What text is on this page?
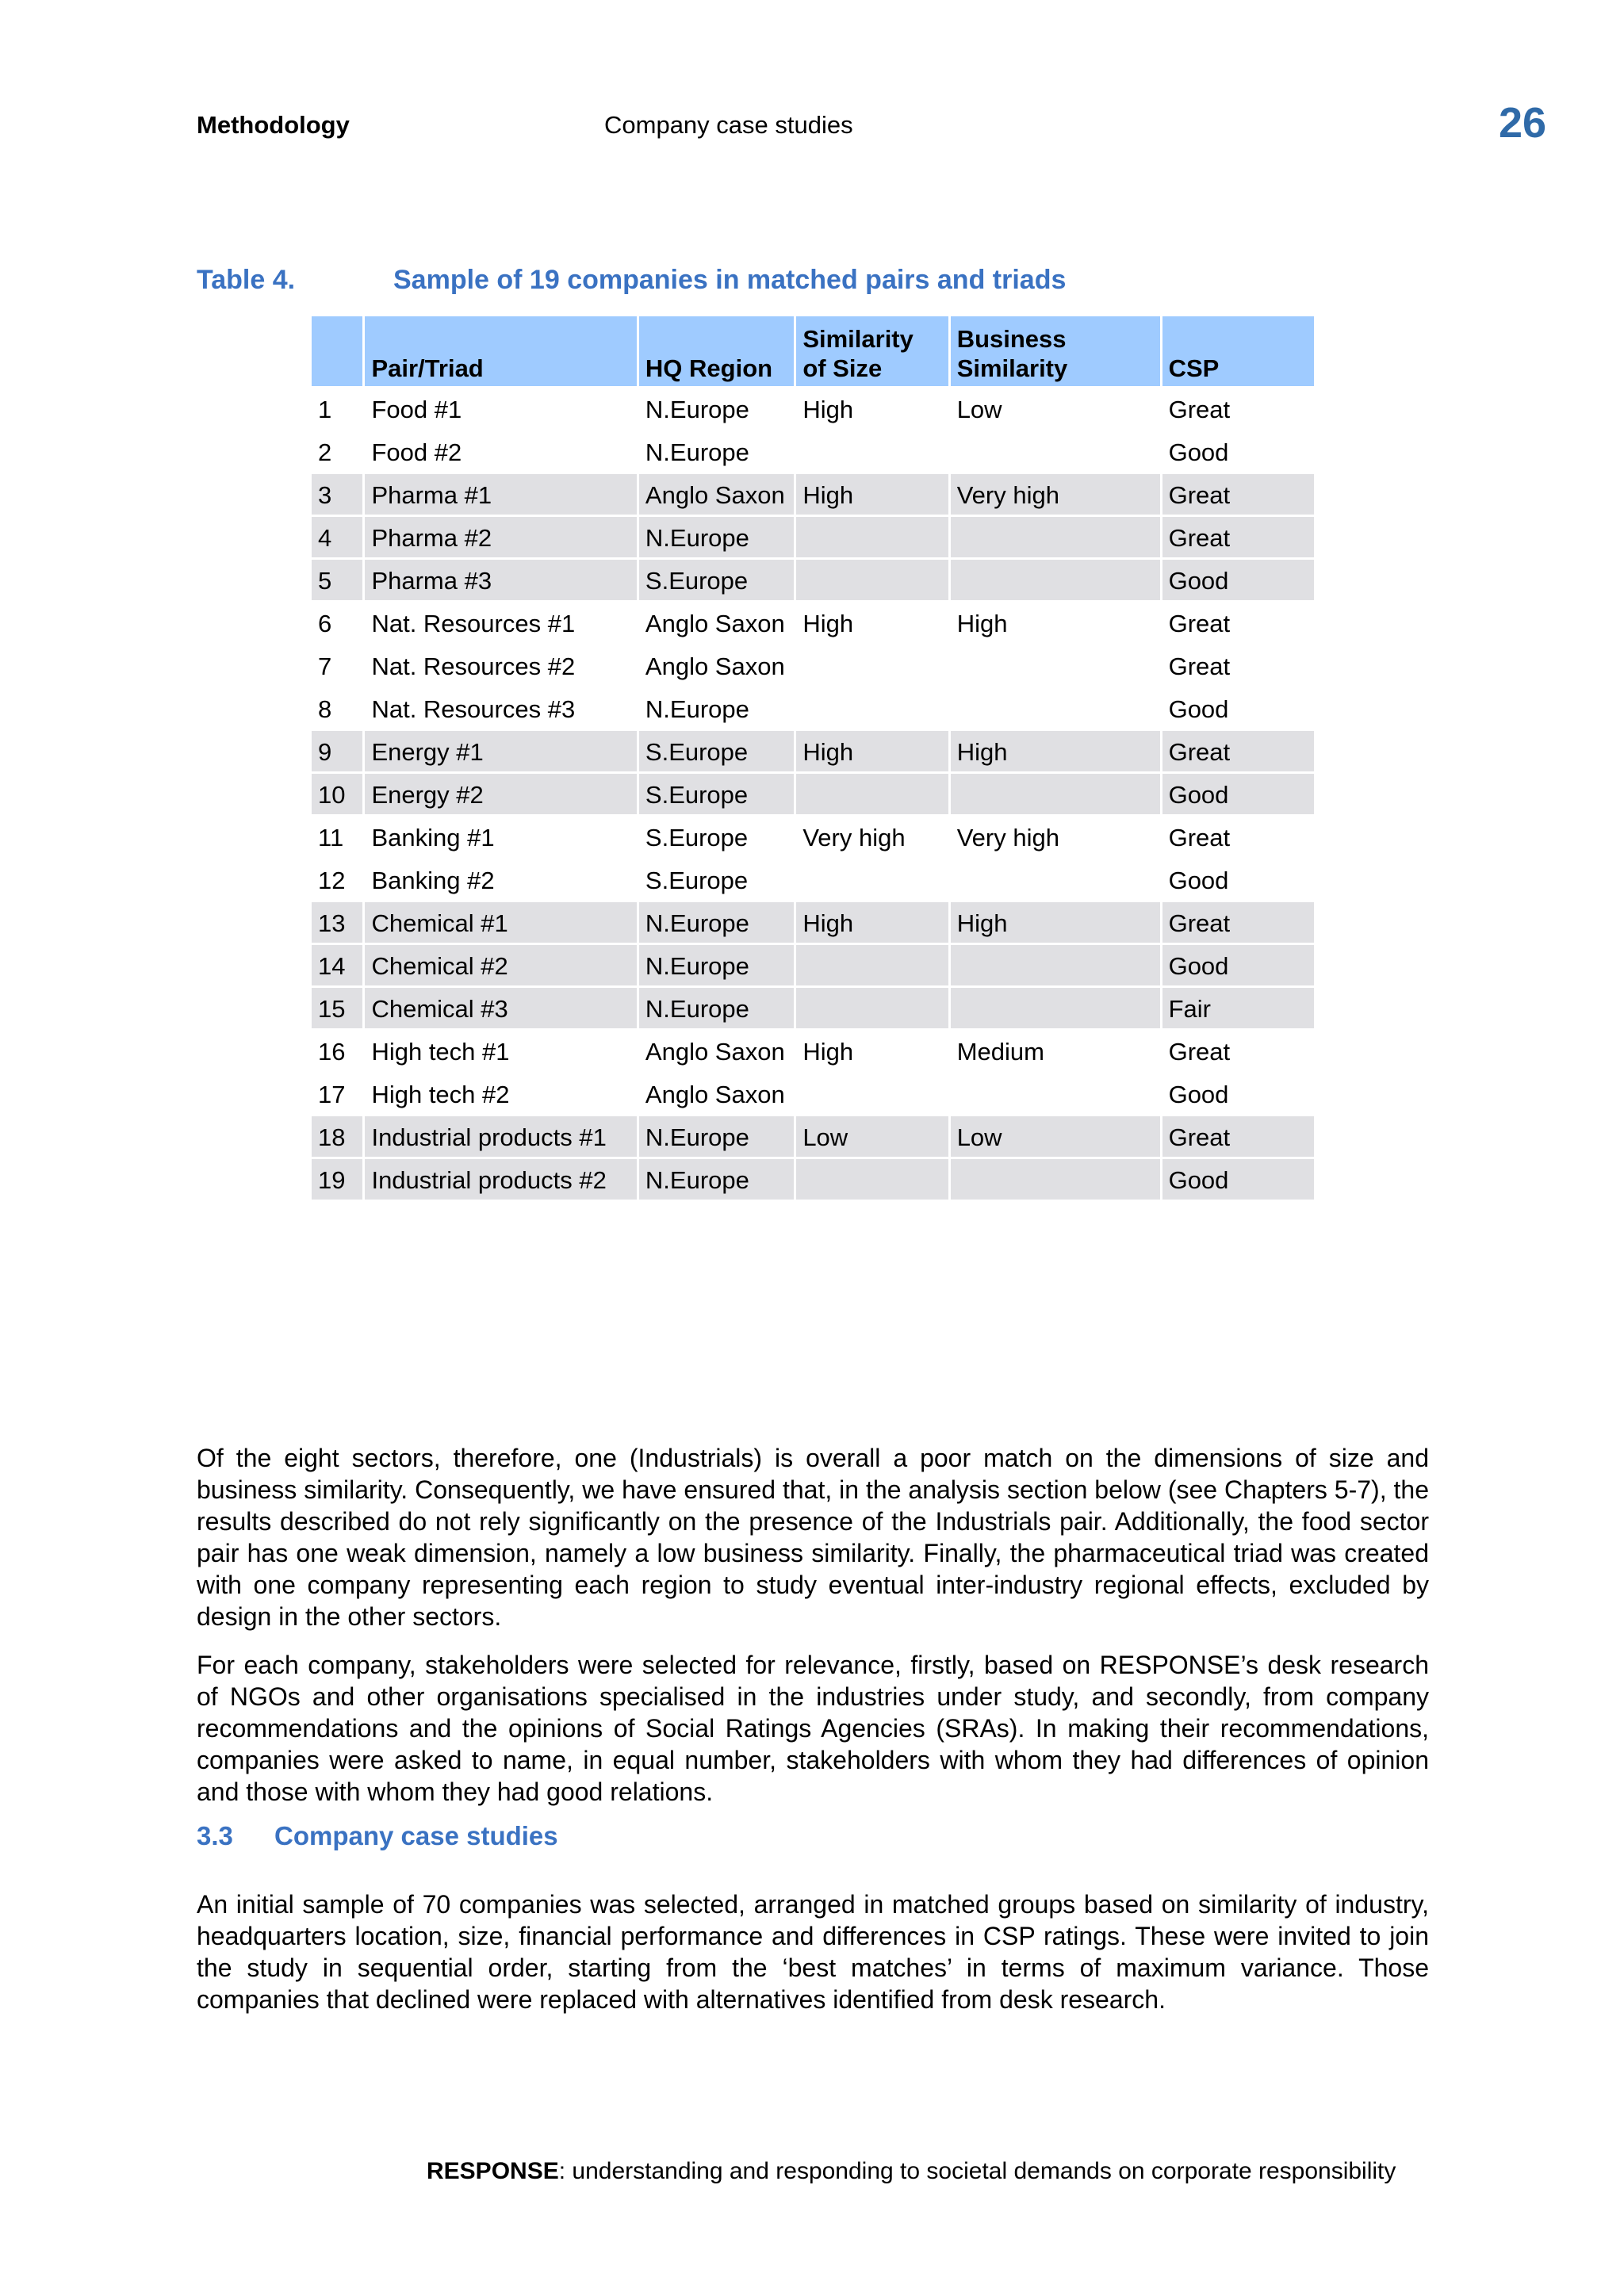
Methodology	Company case studies	26
Table 4.	Sample of 19 companies in matched pairs and triads
	Pair/Triad	HQ Region	Similarity of Size	Business Similarity	CSP
1	Food #1	N.Europe	High	Low	Great
2	Food #2	N.Europe			Good
3	Pharma #1	Anglo Saxon	High	Very high	Great
4	Pharma #2	N.Europe			Great
5	Pharma #3	S.Europe			Good
6	Nat. Resources #1	Anglo Saxon	High	High	Great
7	Nat. Resources #2	Anglo Saxon			Great
8	Nat. Resources #3	N.Europe			Good
9	Energy #1	S.Europe	High	High	Great
10	Energy #2	S.Europe			Good
11	Banking #1	S.Europe	Very high	Very high	Great
12	Banking #2	S.Europe			Good
13	Chemical #1	N.Europe	High	High	Great
14	Chemical #2	N.Europe			Good
15	Chemical #3	N.Europe			Fair
16	High tech #1	Anglo Saxon	High	Medium	Great
17	High tech #2	Anglo Saxon			Good
18	Industrial products #1	N.Europe	Low	Low	Great
19	Industrial products #2	N.Europe			Good
Of the eight sectors, therefore, one (Industrials) is overall a poor match on the dimensions of size and business similarity. Consequently, we have ensured that, in the analysis section below (see Chapters 5-7), the results described do not rely significantly on the presence of the Industrials pair. Additionally, the food sector pair has one weak dimension, namely a low business similarity. Finally, the pharmaceutical triad was created with one company representing each region to study eventual inter-industry regional effects, excluded by design in the other sectors.
For each company, stakeholders were selected for relevance, firstly, based on RESPONSE’s desk research of NGOs and other organisations specialised in the industries under study, and secondly, from company recommendations and the opinions of Social Ratings Agencies (SRAs). In making their recommendations, companies were asked to name, in equal number, stakeholders with whom they had differences of opinion and those with whom they had good relations.
3.3 Company case studies
An initial sample of 70 companies was selected, arranged in matched groups based on similarity of industry, headquarters location, size, financial performance and differences in CSP ratings. These were invited to join the study in sequential order, starting from the ‘best matches’ in terms of maximum variance. Those companies that declined were replaced with alternatives identified from desk research.
RESPONSE: understanding and responding to societal demands on corporate responsibility
